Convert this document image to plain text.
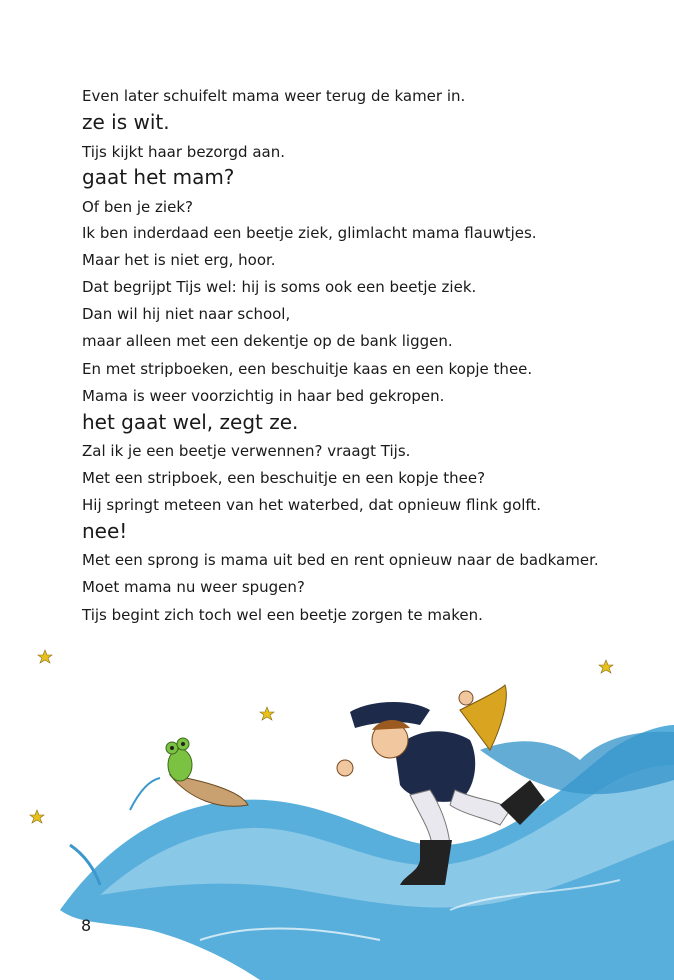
Even later schuifelt mama weer terug de kamer in.
ze is wit.
Tijs kijkt haar bezorgd aan.
gaat het mam?
Of ben je ziek?
Ik ben inderdaad een beetje ziek, glimlacht mama flauwtjes.
Maar het is niet erg, hoor.
Dat begrijpt Tijs wel: hij is soms ook een beetje ziek.
Dan wil hij niet naar school,
maar alleen met een dekentje op de bank liggen.
En met stripboeken, een beschuitje kaas en een kopje thee.
Mama is weer voorzichtig in haar bed gekropen.
het gaat wel, zegt ze.
Zal ik je een beetje verwennen? vraagt Tijs.
Met een stripboek, een beschuitje en een kopje thee?
Hij springt meteen van het waterbed, dat opnieuw flink golft.
nee!
Met een sprong is mama uit bed en rent opnieuw naar de badkamer.
Moet mama nu weer spugen?
Tijs begint zich toch wel een beetje zorgen te maken.
8
